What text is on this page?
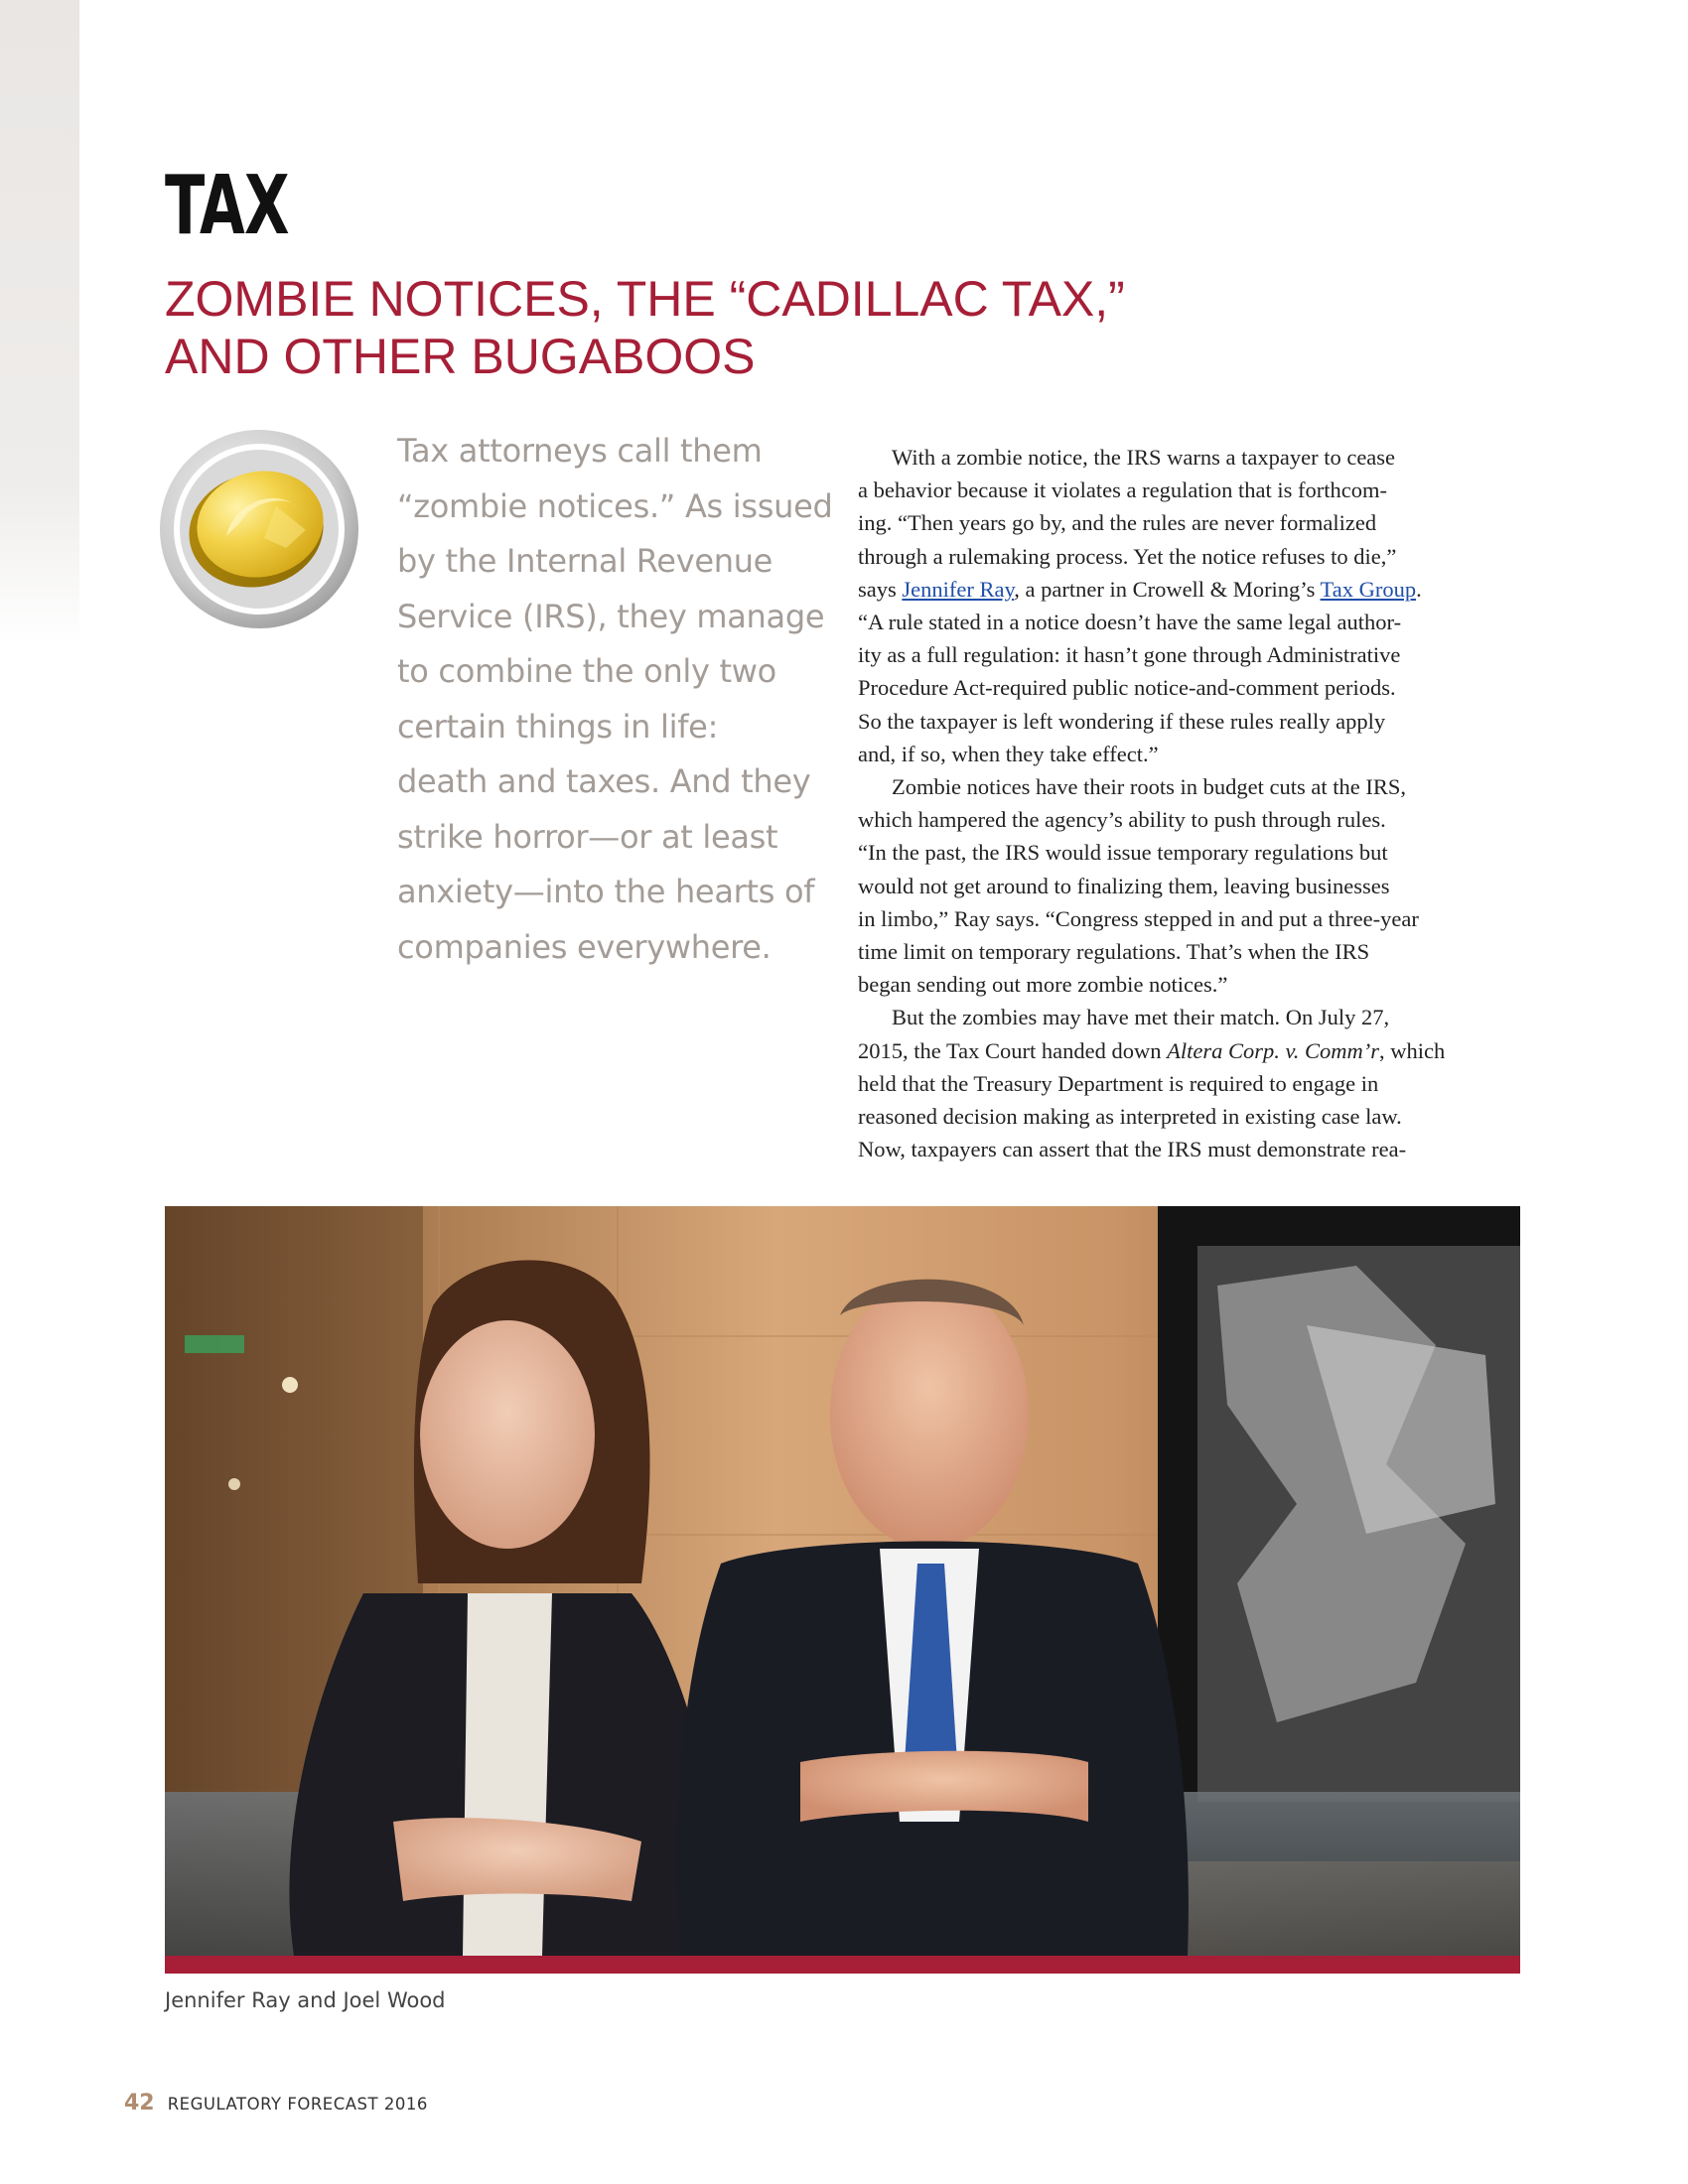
TAX
ZOMBIE NOTICES, THE “CADILLAC TAX,”
AND OTHER BUGABOOS
Tax attorneys call them
“zombie notices.” As issued
by the Internal Revenue
Service (IRS), they manage
to combine the only two
certain things in life:
death and taxes. And they
strike horror—or at least
anxiety—into the hearts of
companies everywhere.
With a zombie notice, the IRS warns a taxpayer to cease
a behavior because it violates a regulation that is forthcom-
ing. “Then years go by, and the rules are never formalized
through a rulemaking process. Yet the notice refuses to die,”
says Jennifer Ray, a partner in Crowell & Moring’s Tax Group.
“A rule stated in a notice doesn’t have the same legal author-
ity as a full regulation: it hasn’t gone through Administrative
Procedure Act-required public notice-and-comment periods.
So the taxpayer is left wondering if these rules really apply
and, if so, when they take effect.”
Zombie notices have their roots in budget cuts at the IRS,
which hampered the agency’s ability to push through rules.
“In the past, the IRS would issue temporary regulations but
would not get around to finalizing them, leaving businesses
in limbo,” Ray says. “Congress stepped in and put a three-year
time limit on temporary regulations. That’s when the IRS
began sending out more zombie notices.”
But the zombies may have met their match. On July 27,
2015, the Tax Court handed down Altera Corp. v. Comm’r, which
held that the Treasury Department is required to engage in
reasoned decision making as interpreted in existing case law.
Now, taxpayers can assert that the IRS must demonstrate rea-
Jennifer Ray and Joel Wood
42 REGULATORY FORECAST 2016
